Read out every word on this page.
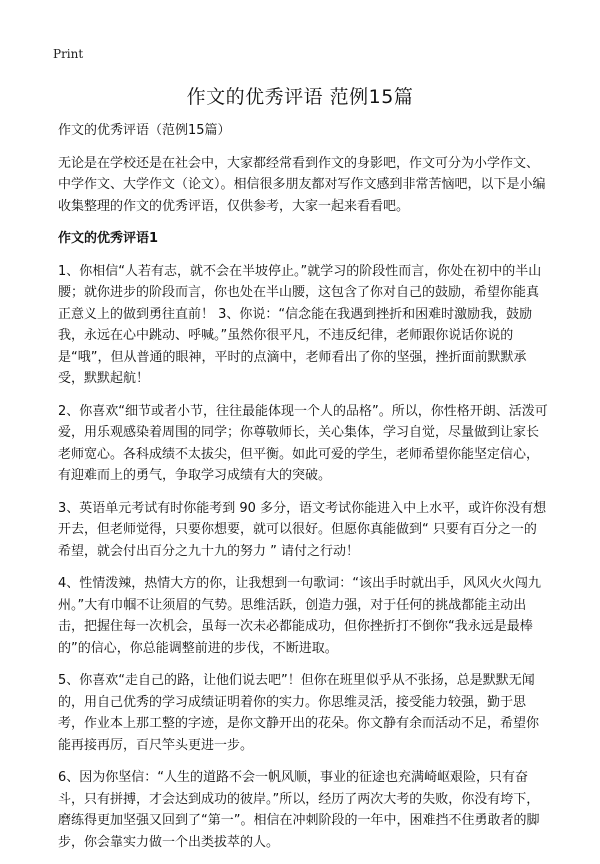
Print
作文的优秀评语 范例15篇

作文的优秀评语（范例15篇）

无论是在学校还是在社会中，大家都经常看到作文的身影吧，作文可分为小学作文、中学作文、大学作文（论文）。相信很多朋友都对写作文感到非常苦恼吧，以下是小编收集整理的作文的优秀评语，仅供参考，大家一起来看看吧。

作文的优秀评语1

1、你相信“人若有志，就不会在半坡停止。”就学习的阶段性而言，你处在初中的半山腰；就你进步的阶段而言，你也处在半山腰，这包含了你对自己的鼓励，希望你能真正意义上的做到勇往直前！ 3、你说：“信念能在我遇到挫折和困难时激励我，鼓励我，永远在心中跳动、呼喊。”虽然你很平凡，不违反纪律，老师跟你说话你说的是“哦”，但从普通的眼神，平时的点滴中，老师看出了你的坚强，挫折面前默默承受，默默起航！

2、你喜欢“细节或者小节，往往最能体现一个人的品格”。所以，你性格开朗、活泼可爱，用乐观感染着周围的同学；你尊敬师长，关心集体，学习自觉，尽量做到让家长老师宽心。各科成绩不太拔尖，但平衡。如此可爱的学生，老师希望你能坚定信心，有迎难而上的勇气，争取学习成绩有大的突破。

3、英语单元考试有时你能考到 90 多分，语文考试你能进入中上水平，或许你没有想开去，但老师觉得，只要你想要，就可以很好。但愿你真能做到“ 只要有百分之一的希望，就会付出百分之九十九的努力 ” 请付之行动！

4、性情泼辣，热情大方的你，让我想到一句歌词：“该出手时就出手，风风火火闯九州。”大有巾帼不让须眉的气势。思维活跃，创造力强，对于任何的挑战都能主动出击，把握住每一次机会，虽每一次未必都能成功，但你挫折打不倒你“我永远是最棒的”的信心，你总能调整前进的步伐，不断进取。

5、你喜欢“走自己的路，让他们说去吧”！但你在班里似乎从不张扬，总是默默无闻的，用自己优秀的学习成绩证明着你的实力。你思维灵活，接受能力较强，勤于思考，作业本上那工整的字迹，是你文静开出的花朵。你文静有余而活动不足，希望你能再接再厉，百尺竿头更进一步。

6、因为你坚信：“人生的道路不会一帆风顺，事业的征途也充满崎岖艰险，只有奋斗，只有拼搏，才会达到成功的彼岸。”所以，经历了两次大考的失败，你没有垮下，磨练得更加坚强又回到了“第一”。相信在冲刺阶段的一年中，困难挡不住勇敢者的脚步，你会靠实力做一个出类拔萃的人。
